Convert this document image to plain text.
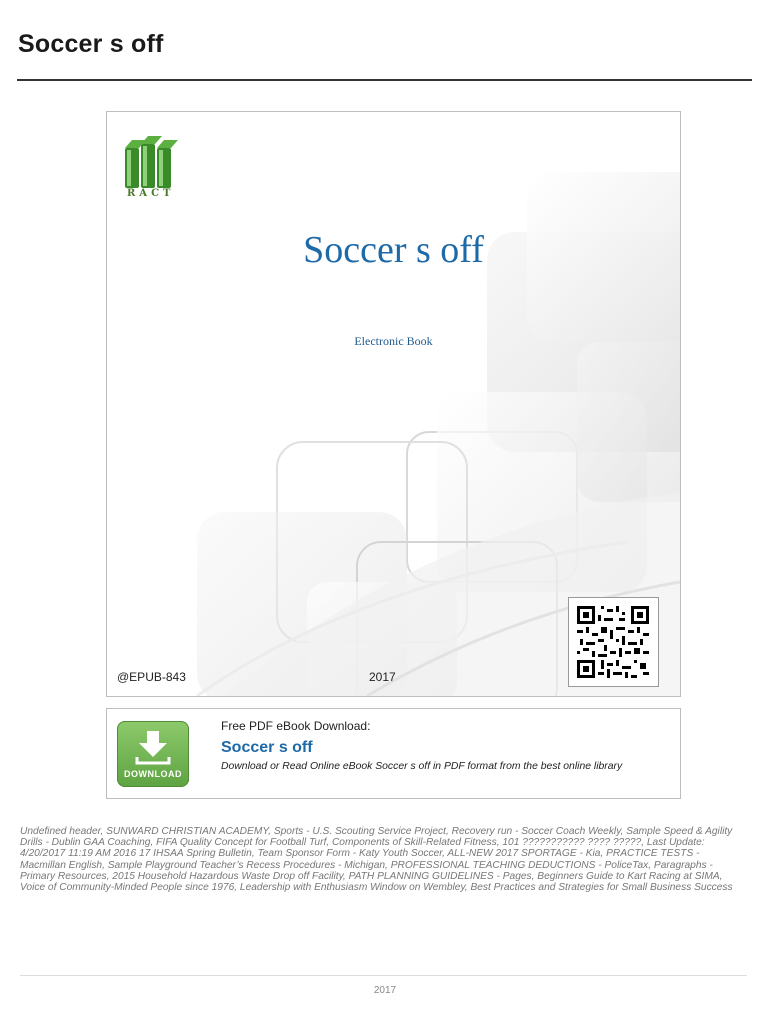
Soccer s off
RACT
Soccer s off
Electronic Book
@EPUB-843	2017
DOWNLOAD
Free PDF eBook Download:
Soccer s off
Download or Read Online eBook Soccer s off in PDF format from the best online library
Undefined header, SUNWARD CHRISTIAN ACADEMY, Sports - U.S. Scouting Service Project, Recovery run - Soccer Coach Weekly, Sample Speed & Agility Drills - Dublin GAA Coaching, FIFA Quality Concept for Football Turf, Components of Skill-Related Fitness, 101 ??????????? ???? ?????, Last Update: 4/20/2017 11:19 AM 2016 17 IHSAA Spring Bulletin, Team Sponsor Form - Katy Youth Soccer, ALL-NEW 2017 SPORTAGE - Kia, PRACTICE TESTS - Macmillan English, Sample Playground Teacher’s Recess Procedures - Michigan, PROFESSIONAL TEACHING DEDUCTIONS - PoliceTax, Paragraphs - Primary Resources, 2015 Household Hazardous Waste Drop off Facility, PATH PLANNING GUIDELINES - Pages, Beginners Guide to Kart Racing at SIMA, Voice of Community-Minded People since 1976, Leadership with Enthusiasm Window on Wembley, Best Practices and Strategies for Small Business Success
2017
